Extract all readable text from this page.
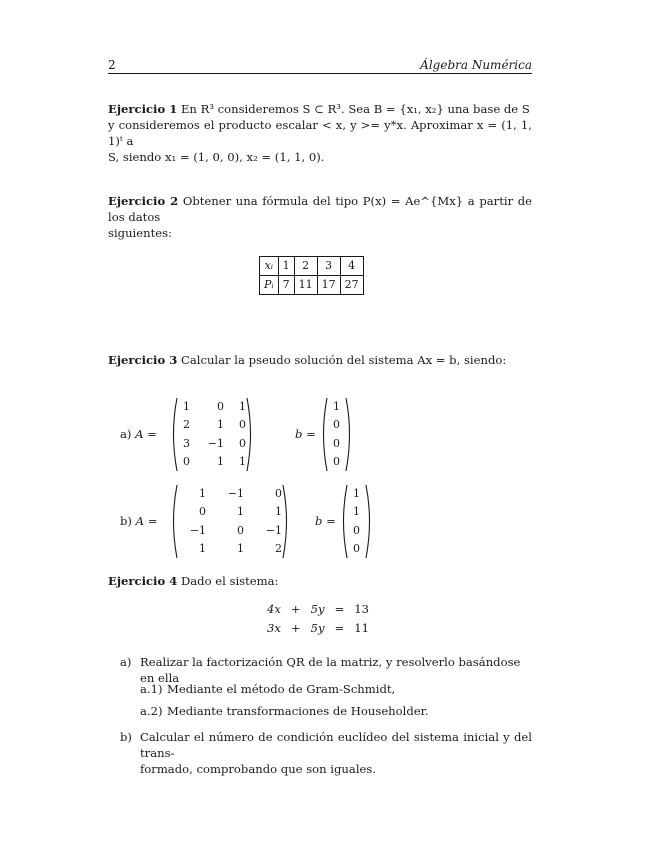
2	Álgebra Numérica
Ejercicio 1 En R³ consideremos S ⊂ R³. Sea B = {x₁, x₂} una base de S
y consideremos el producto escalar < x, y >= y*x. Aproximar x = (1, 1, 1)ᵗ a
S, siendo x₁ = (1, 0, 0), x₂ = (1, 1, 0).
Ejercicio 2 Obtener una fórmula del tipo P(x) = Ae^{Mx} a partir de los datos
siguientes:
xᵢ	1	2	3	4
Pᵢ	7	11	17	27
Ejercicio 3 Calcular la pseudo solución del sistema Ax = b, siendo:
a) A =
1	0	1
2	1	0
3	−1	0
0	1	1
b =
1
0
0
0
b) A =
1	−1	0
0	1	1
−1	0	−1
1	1	2
b =
1
1
0
0
Ejercicio 4 Dado el sistema:
4x	+	5y	=	13
3x	+	5y	=	11
a) Realizar la factorización QR de la matriz, y resolverlo basándose en ella
a.1) Mediante el método de Gram-Schmidt,
a.2) Mediante transformaciones de Householder.
b) Calcular el número de condición euclídeo del sistema inicial y del trans-
formado, comprobando que son iguales.
